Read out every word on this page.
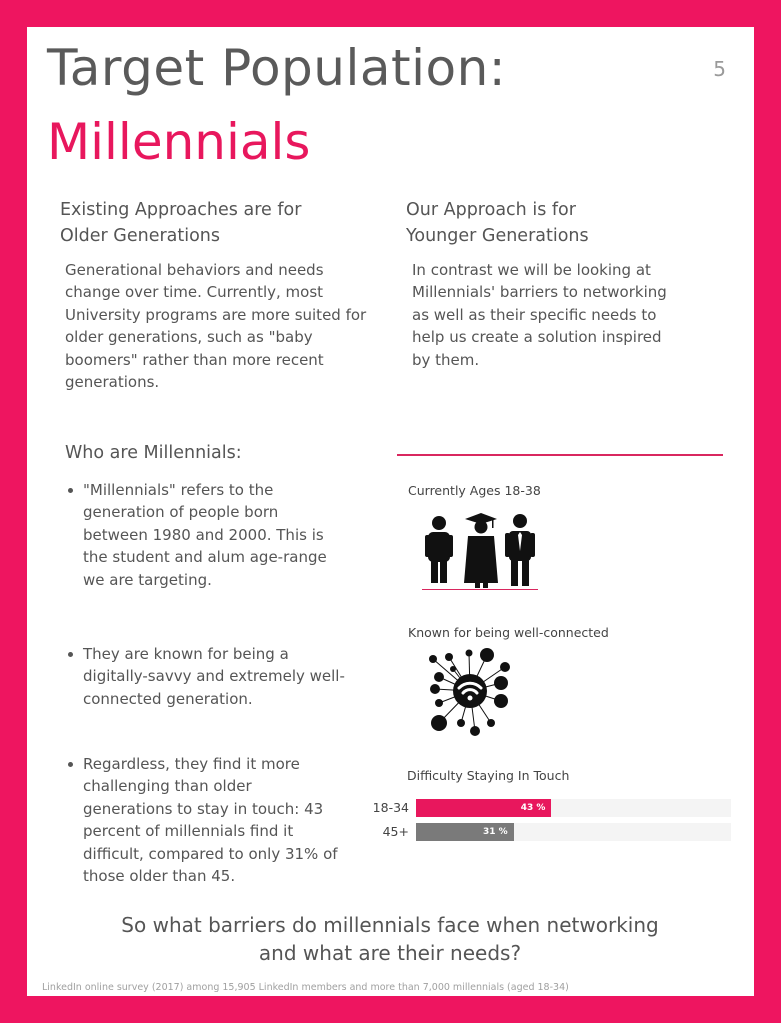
Target Population:
Millennials
5
Existing Approaches are for
Older Generations
Generational behaviors and needs
change over time. Currently, most
University programs are more suited for
older generations, such as "baby
boomers" rather than more recent
generations.
Our Approach is for
Younger Generations
In contrast we will be looking at
Millennials' barriers to networking
as well as their specific needs to
help us create a solution inspired
by them.
Who are Millennials:
"Millennials" refers to the
generation of people born
between 1980 and 2000. This is
the student and alum age-range
we are targeting.
They are known for being a
digitally-savvy and extremely well-
connected generation.
Regardless, they find it more
challenging than older
generations to stay in touch: 43
percent of millennials find it
difficult, compared to only 31% of
those older than 45.
Currently Ages 18-38
Known for being well-connected
Difficulty Staying In Touch
18-34	43 %
45+	31 %
So what barriers do millennials face when networking
and what are their needs?
LinkedIn online survey (2017) among 15,905 LinkedIn members and more than 7,000 millennials (aged 18-34)
